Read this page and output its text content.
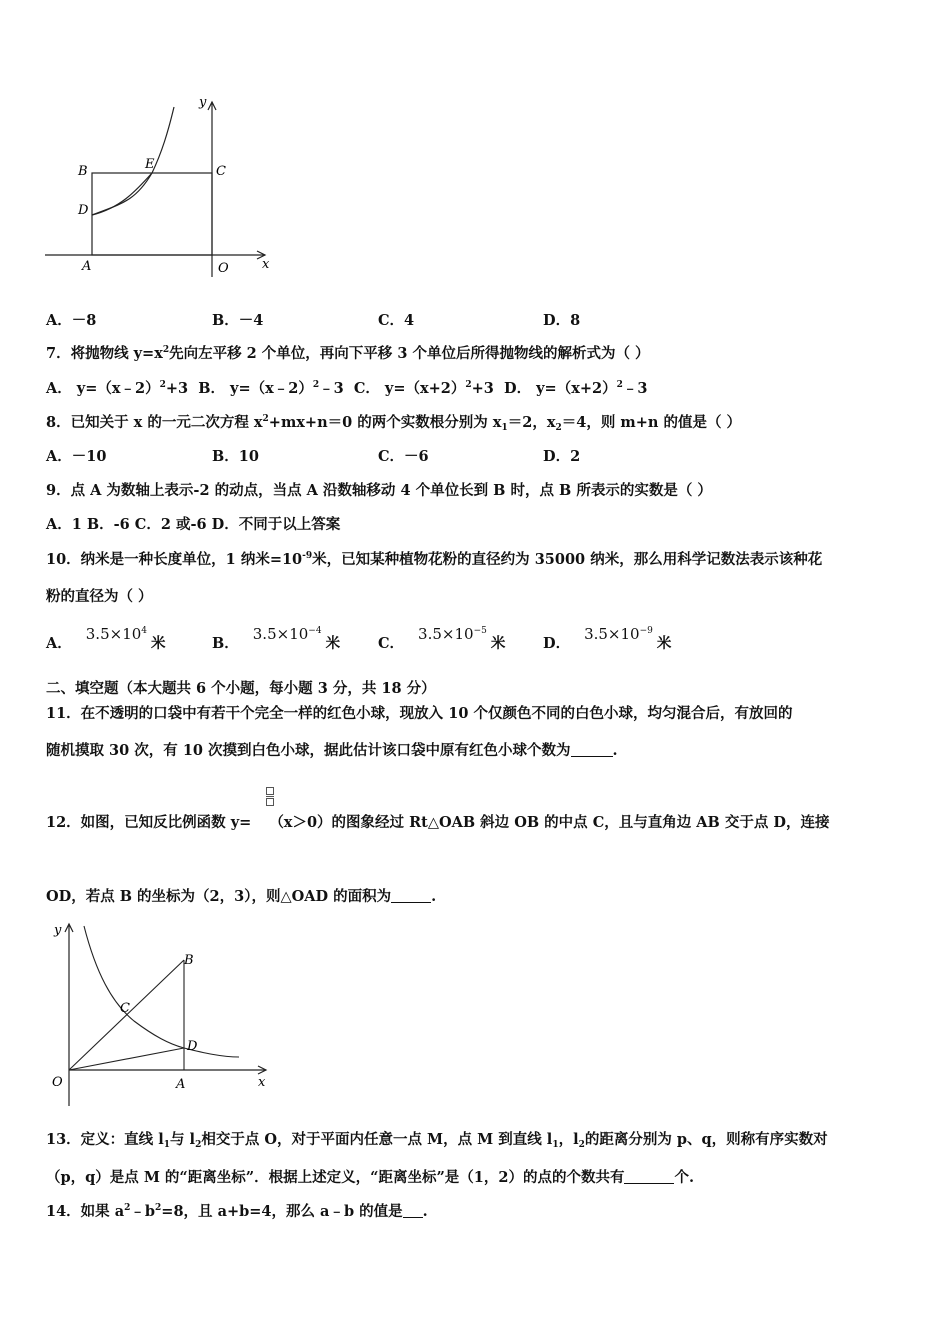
y
x
B	E	C
D
A	O
A．－8	B．－4	C．4	D．8
7．将抛物线 $y=x^2$先向左平移 2 个单位，再向下平移 3 个单位后所得抛物线的解析式为（ ）
A． y=（x﹣2）$^2$+3 B． y=（x﹣2）$^2$﹣3 C． $y=(x+2)^2+3$ D． $y=(x+2)^2﹣3$
8．已知关于 x 的一元二次方程 $x^2+mx+n=0$ 的两个实数根分别为 $x_1=2$，$x_2=4$，则 m+n 的值是（ ）
A．－10	B．10	C．－6	D．2
9．点 A 为数轴上表示-2 的动点，当点 A 沿数轴移动 4 个单位长到 B 时，点 B 所表示的实数是（ ）
A．1 B．-6 C．2 或-6 D．不同于以上答案
10．纳米是一种长度单位，1 纳米$=10^{-9}$米，已知某种植物花粉的直径约为 35000 纳米，那么用科学记数法表示该种花
粉的直径为（ ）
A．$3.5\times 10^4$米	B．$3.5\times 10^{-4}$米	C．$3.5\times 10^{-5}$米	D．$3.5\times 10^{-9}$米
二、填空题（本大题共 6 个小题，每小题 3 分，共 18 分）
11．在不透明的口袋中有若干个完全一样的红色小球，现放入 10 个仅颜色不同的白色小球，均匀混合后，有放回的
随机摸取 30 次，有 10 次摸到白色小球，据此估计该口袋中原有红色小球个数为	.
12．如图，已知反比例函数 y= （x＞0）的图象经过 Rt△OAB 斜边 OB 的中点 C，且与直角边 AB 交于点 D，连接
OD，若点 B 的坐标为（2，3），则△OAD 的面积为	.
y
x
B
C
D
O	A
13．定义：直线 $l_1$与 $l_2$相交于点 O，对于平面内任意一点 M，点 M 到直线 $l_1$，$l_2$的距离分别为 p、q，则称有序实数对
（p，q）是点 M 的“距离坐标”．根据上述定义，“距离坐标”是（1，2）的点的个数共有	个.
14．如果 $a^2﹣b^2=8$，且 a+b=4，那么 a﹣b 的值是 .
